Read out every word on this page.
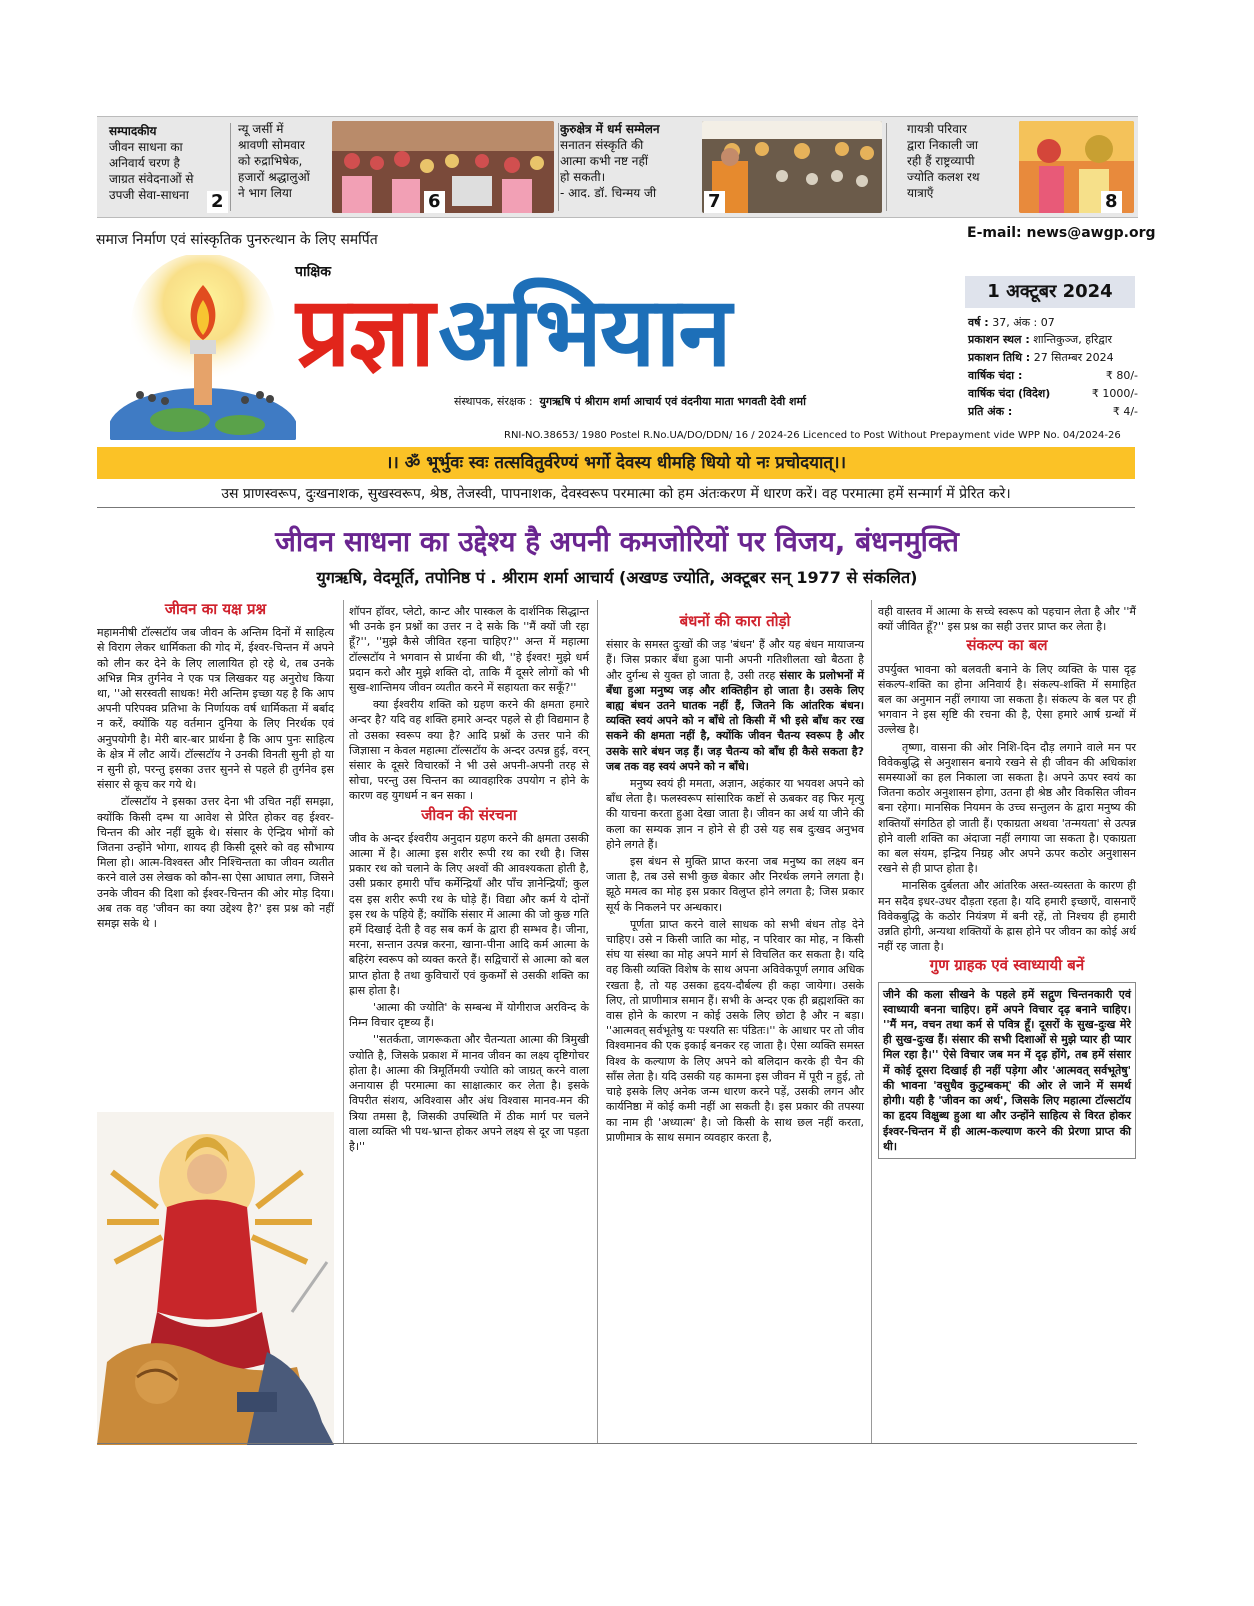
सम्पादकीय
जीवन साधना का
अनिवार्य चरण है
जाग्रत संवेदनाओं से
उपजी सेवा-साधना	2
न्यू जर्सी में
श्रावणी सोमवार
को रुद्राभिषेक,
हजारों श्रद्धालुओं
ने भाग लिया	6
कुरुक्षेत्र में धर्म सम्मेलन
सनातन संस्कृति की
आत्मा कभी नष्ट नहीं
हो सकती।
- आद. डॉ. चिन्मय जी	7
गायत्री परिवार
द्वारा निकाली जा
रही हैं राष्ट्रव्यापी
ज्योति कलश रथ
यात्राएँ	8
समाज निर्माण एवं सांस्कृतिक पुनरुत्थान के लिए समर्पित	E-mail: news@awgp.org
पाक्षिक
प्रज्ञा अभियान
संस्थापक, संरक्षक : युगऋषि पं श्रीराम शर्मा आचार्य एवं वंदनीया माता भगवती देवी शर्मा
1 अक्टूबर 2024
वर्ष : 37, अंक : 07
प्रकाशन स्थल : शान्तिकुञ्ज, हरिद्वार
प्रकाशन तिथि : 27 सितम्बर 2024
वार्षिक चंदा :	₹ 80/-
वार्षिक चंदा (विदेश)	₹ 1000/-
प्रति अंक :	₹ 4/-
RNI-NO.38653/ 1980 Postel R.No.UA/DO/DDN/ 16 / 2024-26 Licenced to Post Without Prepayment vide WPP No. 04/2024-26
।। ॐ भूर्भुवः स्वः तत्सवितुर्वरेण्यं भर्गो देवस्य धीमहि धियो यो नः प्रचोदयात्।।
उस प्राणस्वरूप, दुःखनाशक, सुखस्वरूप, श्रेष्ठ, तेजस्वी, पापनाशक, देवस्वरूप परमात्मा को हम अंतःकरण में धारण करें। वह परमात्मा हमें सन्मार्ग में प्रेरित करे।
जीवन साधना का उद्देश्य है अपनी कमजोरियों पर विजय, बंधनमुक्ति
युगऋषि, वेदमूर्ति, तपोनिष्ठ पं . श्रीराम शर्मा आचार्य (अखण्ड ज्योति, अक्टूबर सन् 1977 से संकलित)
जीवन का यक्ष प्रश्न

महामनीषी टॉल्सटॉय जब जीवन के अन्तिम दिनों में साहित्य से विराग लेकर धार्मिकता की गोद में, ईश्वर-चिन्तन में अपने को लीन कर देने के लिए लालायित हो रहे थे, तब उनके अभिन्न मित्र तुर्गनेव ने एक पत्र लिखकर यह अनुरोध किया था, ''ओ सरस्वती साधक! मेरी अन्तिम इच्छा यह है कि आप अपनी परिपक्व प्रतिभा के निर्णायक वर्ष धार्मिकता में बर्बाद न करें, क्योंकि यह वर्तमान दुनिया के लिए निरर्थक एवं अनुपयोगी है। मेरी बार-बार प्रार्थना है कि आप पुनः साहित्य के क्षेत्र में लौट आयें। टॉल्सटॉय ने उनकी विनती सुनी हो या न सुनी हो, परन्तु इसका उत्तर सुनने से पहले ही तुर्गनेव इस संसार से कूच कर गये थे।

टॉल्सटॉय ने इसका उत्तर देना भी उचित नहीं समझा, क्योंकि किसी दम्भ या आवेश से प्रेरित होकर वह ईश्वर-चिन्तन की ओर नहीं झुके थे। संसार के ऐन्द्रिय भोगों को जितना उन्होंने भोगा, शायद ही किसी दूसरे को वह सौभाग्य मिला हो। आत्म-विश्वस्त और निश्चिन्तता का जीवन व्यतीत करने वाले उस लेखक को कौन-सा ऐसा आघात लगा, जिसने उनके जीवन की दिशा को ईश्वर-चिन्तन की ओर मोड़ दिया। अब तक वह 'जीवन का क्या उद्देश्य है?' इस प्रश्न को नहीं समझ सके थे ।

शॉपन हॉवर, प्लेटो, कान्ट और पास्कल के दार्शनिक सिद्धान्त भी उनके इन प्रश्नों का उत्तर न दे सके कि ''मैं क्यों जी रहा हूँ?'', ''मुझे कैसे जीवित रहना चाहिए?'' अन्त में महात्मा टॉल्सटॉय ने भगवान से प्रार्थना की थी, ''हे ईश्वर! मुझे धर्म प्रदान करो और मुझे शक्ति दो, ताकि मैं दूसरे लोगों को भी सुख-शान्तिमय जीवन व्यतीत करने में सहायता कर सकूँ?''

क्या ईश्वरीय शक्ति को ग्रहण करने की क्षमता हमारे अन्दर है? यदि वह शक्ति हमारे अन्दर पहले से ही विद्यमान है तो उसका स्वरूप क्या है? आदि प्रश्नों के उत्तर पाने की जिज्ञासा न केवल महात्मा टॉल्सटॉय के अन्दर उत्पन्न हुई, वरन् संसार के दूसरे विचारकों ने भी उसे अपनी-अपनी तरह से सोचा, परन्तु उस चिन्तन का व्यावहारिक उपयोग न होने के कारण वह युगधर्म न बन सका ।

जीवन की संरचना

जीव के अन्दर ईश्वरीय अनुदान ग्रहण करने की क्षमता उसकी आत्मा में है। आत्मा इस शरीर रूपी रथ का रथी है। जिस प्रकार रथ को चलाने के लिए अश्वों की आवश्यकता होती है, उसी प्रकार हमारी पाँच कर्मेन्द्रियाँ और पाँच ज्ञानेन्द्रियाँ; कुल दस इस शरीर रूपी रथ के घोड़े हैं। विद्या और कर्म ये दोनों इस रथ के पहिये हैं; क्योंकि संसार में आत्मा की जो कुछ गति हमें दिखाई देती है वह सब कर्म के द्वारा ही सम्भव है। जीना, मरना, सन्तान उत्पन्न करना, खाना-पीना आदि कर्म आत्मा के बहिरंग स्वरूप को व्यक्त करते हैं। सद्विचारों से आत्मा को बल प्राप्त होता है तथा कुविचारों एवं कुकर्मों से उसकी शक्ति का ह्रास होता है।

'आत्मा की ज्योति' के सम्बन्ध में योगीराज अरविन्द के निम्न विचार दृष्टव्य हैं।

''सतर्कता, जागरूकता और चैतन्यता आत्मा की त्रिमुखी ज्योति है, जिसके प्रकाश में मानव जीवन का लक्ष्य दृष्टिगोचर होता है। आत्मा की त्रिमूर्तिमयी ज्योति को जाग्रत् करने वाला अनायास ही परमात्मा का साक्षात्कार कर लेता है। इसके विपरीत संशय, अविश्वास और अंध विश्वास मानव-मन की त्रिया तमसा है, जिसकी उपस्थिति में ठीक मार्ग पर चलने वाला व्यक्ति भी पथ-भ्रान्त होकर अपने लक्ष्य से दूर जा पड़ता है।''

बंधनों की कारा तोड़ो

संसार के समस्त दुःखों की जड़ 'बंधन' हैं और यह बंधन मायाजन्य हैं। जिस प्रकार बँधा हुआ पानी अपनी गतिशीलता खो बैठता है और दुर्गन्ध से युक्त हो जाता है, उसी तरह संसार के प्रलोभनों में बँधा हुआ मनुष्य जड़ और शक्तिहीन हो जाता है। उसके लिए बाह्य बंधन उतने घातक नहीं हैं, जितने कि आंतरिक बंधन। व्यक्ति स्वयं अपने को न बाँधे तो किसी में भी इसे बाँध कर रख सकने की क्षमता नहीं है, क्योंकि जीवन चैतन्य स्वरूप है और उसके सारे बंधन जड़ हैं। जड़ चैतन्य को बाँध ही कैसे सकता है? जब तक वह स्वयं अपने को न बाँधे।

मनुष्य स्वयं ही ममता, अज्ञान, अहंकार या भयवश अपने को बाँध लेता है। फलस्वरूप सांसारिक कष्टों से ऊबकर वह फिर मृत्यु की याचना करता हुआ देखा जाता है। जीवन का अर्थ या जीने की कला का सम्यक ज्ञान न होने से ही उसे यह सब दुःखद अनुभव होने लगते हैं।

इस बंधन से मुक्ति प्राप्त करना जब मनुष्य का लक्ष्य बन जाता है, तब उसे सभी कुछ बेकार और निरर्थक लगने लगता है। झूठे ममत्व का मोह इस प्रकार विलुप्त होने लगता है; जिस प्रकार सूर्य के निकलने पर अन्धकार।

पूर्णता प्राप्त करने वाले साधक को सभी बंधन तोड़ देने चाहिए। उसे न किसी जाति का मोह, न परिवार का मोह, न किसी संघ या संस्था का मोह अपने मार्ग से विचलित कर सकता है। यदि वह किसी व्यक्ति विशेष के साथ अपना अविवेकपूर्ण लगाव अधिक रखता है, तो यह उसका हृदय-दौर्बल्य ही कहा जायेगा। उसके लिए, तो प्राणीमात्र समान हैं। सभी के अन्दर एक ही ब्रह्मशक्ति का वास होने के कारण न कोई उसके लिए छोटा है और न बड़ा। ''आत्मवत् सर्वभूतेषु यः पश्यति सः पंडितः।'' के आधार पर तो जीव विश्वमानव की एक इकाई बनकर रह जाता है। ऐसा व्यक्ति समस्त विश्व के कल्याण के लिए अपने को बलिदान करके ही चैन की साँस लेता है। यदि उसकी यह कामना इस जीवन में पूरी न हुई, तो चाहे इसके लिए अनेक जन्म धारण करने पड़ें, उसकी लगन और कार्यनिष्ठा में कोई कमी नहीं आ सकती है। इस प्रकार की तपस्या का नाम ही 'अध्यात्म' है। जो किसी के साथ छल नहीं करता, प्राणीमात्र के साथ समान व्यवहार करता है,

वही वास्तव में आत्मा के सच्चे स्वरूप को पहचान लेता है और ''मैं क्यों जीवित हूँ?'' इस प्रश्न का सही उत्तर प्राप्त कर लेता है।

संकल्प का बल

उपर्युक्त भावना को बलवती बनाने के लिए व्यक्ति के पास दृढ़ संकल्प-शक्ति का होना अनिवार्य है। संकल्प-शक्ति में समाहित बल का अनुमान नहीं लगाया जा सकता है। संकल्प के बल पर ही भगवान ने इस सृष्टि की रचना की है, ऐसा हमारे आर्ष ग्रन्थों में उल्लेख है।

तृष्णा, वासना की ओर निशि-दिन दौड़ लगाने वाले मन पर विवेकबुद्धि से अनुशासन बनाये रखने से ही जीवन की अधिकांश समस्याओं का हल निकाला जा सकता है। अपने ऊपर स्वयं का जितना कठोर अनुशासन होगा, उतना ही श्रेष्ठ और विकसित जीवन बना रहेगा। मानसिक नियमन के उच्च सन्तुलन के द्वारा मनुष्य की शक्तियाँ संगठित हो जाती हैं। एकाग्रता अथवा 'तन्मयता' से उत्पन्न होने वाली शक्ति का अंदाजा नहीं लगाया जा सकता है। एकाग्रता का बल संयम, इन्द्रिय निग्रह और अपने ऊपर कठोर अनुशासन रखने से ही प्राप्त होता है।

मानसिक दुर्बलता और आंतरिक अस्त-व्यस्तता के कारण ही मन सदैव इधर-उधर दौड़ता रहता है। यदि हमारी इच्छाएँ, वासनाएँ विवेकबुद्धि के कठोर नियंत्रण में बनी रहें, तो निश्चय ही हमारी उन्नति होगी, अन्यथा शक्तियों के ह्रास होने पर जीवन का कोई अर्थ नहीं रह जाता है।

गुण ग्राहक एवं स्वाध्यायी बनें

जीने की कला सीखने के पहले हमें सद्गुण चिन्तनकारी एवं स्वाध्यायी बनना चाहिए। हमें अपने विचार दृढ़ बनाने चाहिए। ''मैं मन, वचन तथा कर्म से पवित्र हूँ। दूसरों के सुख-दुःख मेरे ही सुख-दुःख हैं। संसार की सभी दिशाओं से मुझे प्यार ही प्यार मिल रहा है।'' ऐसे विचार जब मन में दृढ़ होंगे, तब हमें संसार में कोई दूसरा दिखाई ही नहीं पड़ेगा और 'आत्मवत् सर्वभूतेषु' की भावना 'वसुधैव कुटुम्बकम्' की ओर ले जाने में समर्थ होगी। यही है 'जीवन का अर्थ', जिसके लिए महात्मा टॉल्सटॉय का हृदय विक्षुब्ध हुआ था और उन्होंने साहित्य से विरत होकर ईश्वर-चिन्तन में ही आत्म-कल्याण करने की प्रेरणा प्राप्त की थी।
